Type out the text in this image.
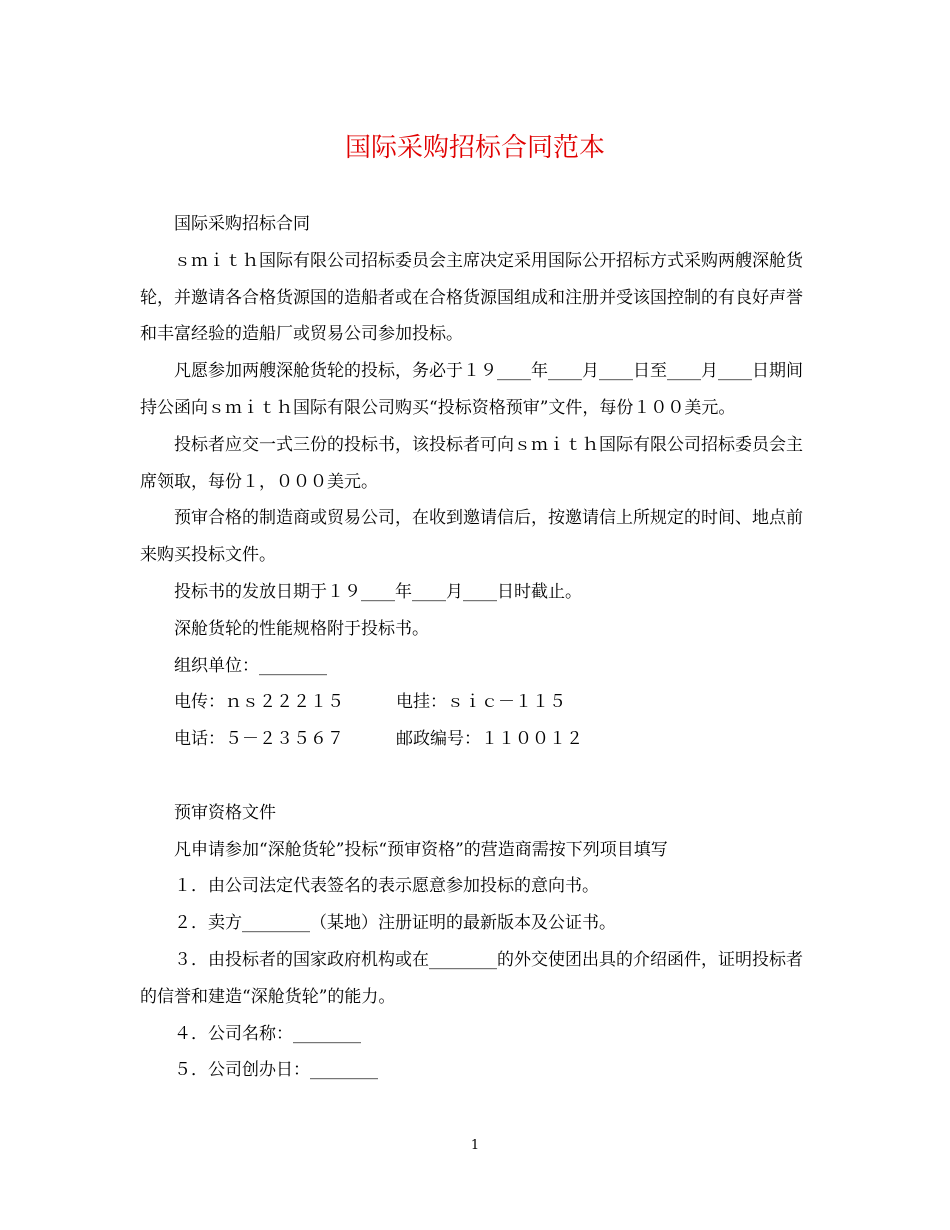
国际采购招标合同范本

国际采购招标合同

ｓｍｉｔｈ国际有限公司招标委员会主席决定采用国际公开招标方式采购两艘深舱货轮，并邀请各合格货源国的造船者或在合格货源国组成和注册并受该国控制的有良好声誉和丰富经验的造船厂或贸易公司参加投标。

凡愿参加两艘深舱货轮的投标，务必于１９____年____月____日至____月____日期间持公函向ｓｍｉｔｈ国际有限公司购买“投标资格预审”文件，每份１００美元。

投标者应交一式三份的投标书，该投标者可向ｓｍｉｔｈ国际有限公司招标委员会主席领取，每份１，０００美元。

预审合格的制造商或贸易公司，在收到邀请信后，按邀请信上所规定的时间、地点前来购买投标文件。

投标书的发放日期于１９____年____月____日时截止。

深舱货轮的性能规格附于投标书。

组织单位：________

电传：ｎｓ２２２１５	电挂：ｓｉｃ－１１５
电话：５－２３５６７	邮政编号：１１００１２

预审资格文件

凡申请参加“深舱货轮”投标“预审资格”的营造商需按下列项目填写

１．由公司法定代表签名的表示愿意参加投标的意向书。

２．卖方________（某地）注册证明的最新版本及公证书。

３．由投标者的国家政府机构或在________的外交使团出具的介绍函件，证明投标者的信誉和建造“深舱货轮”的能力。

４．公司名称：________

５．公司创办日：________

1
